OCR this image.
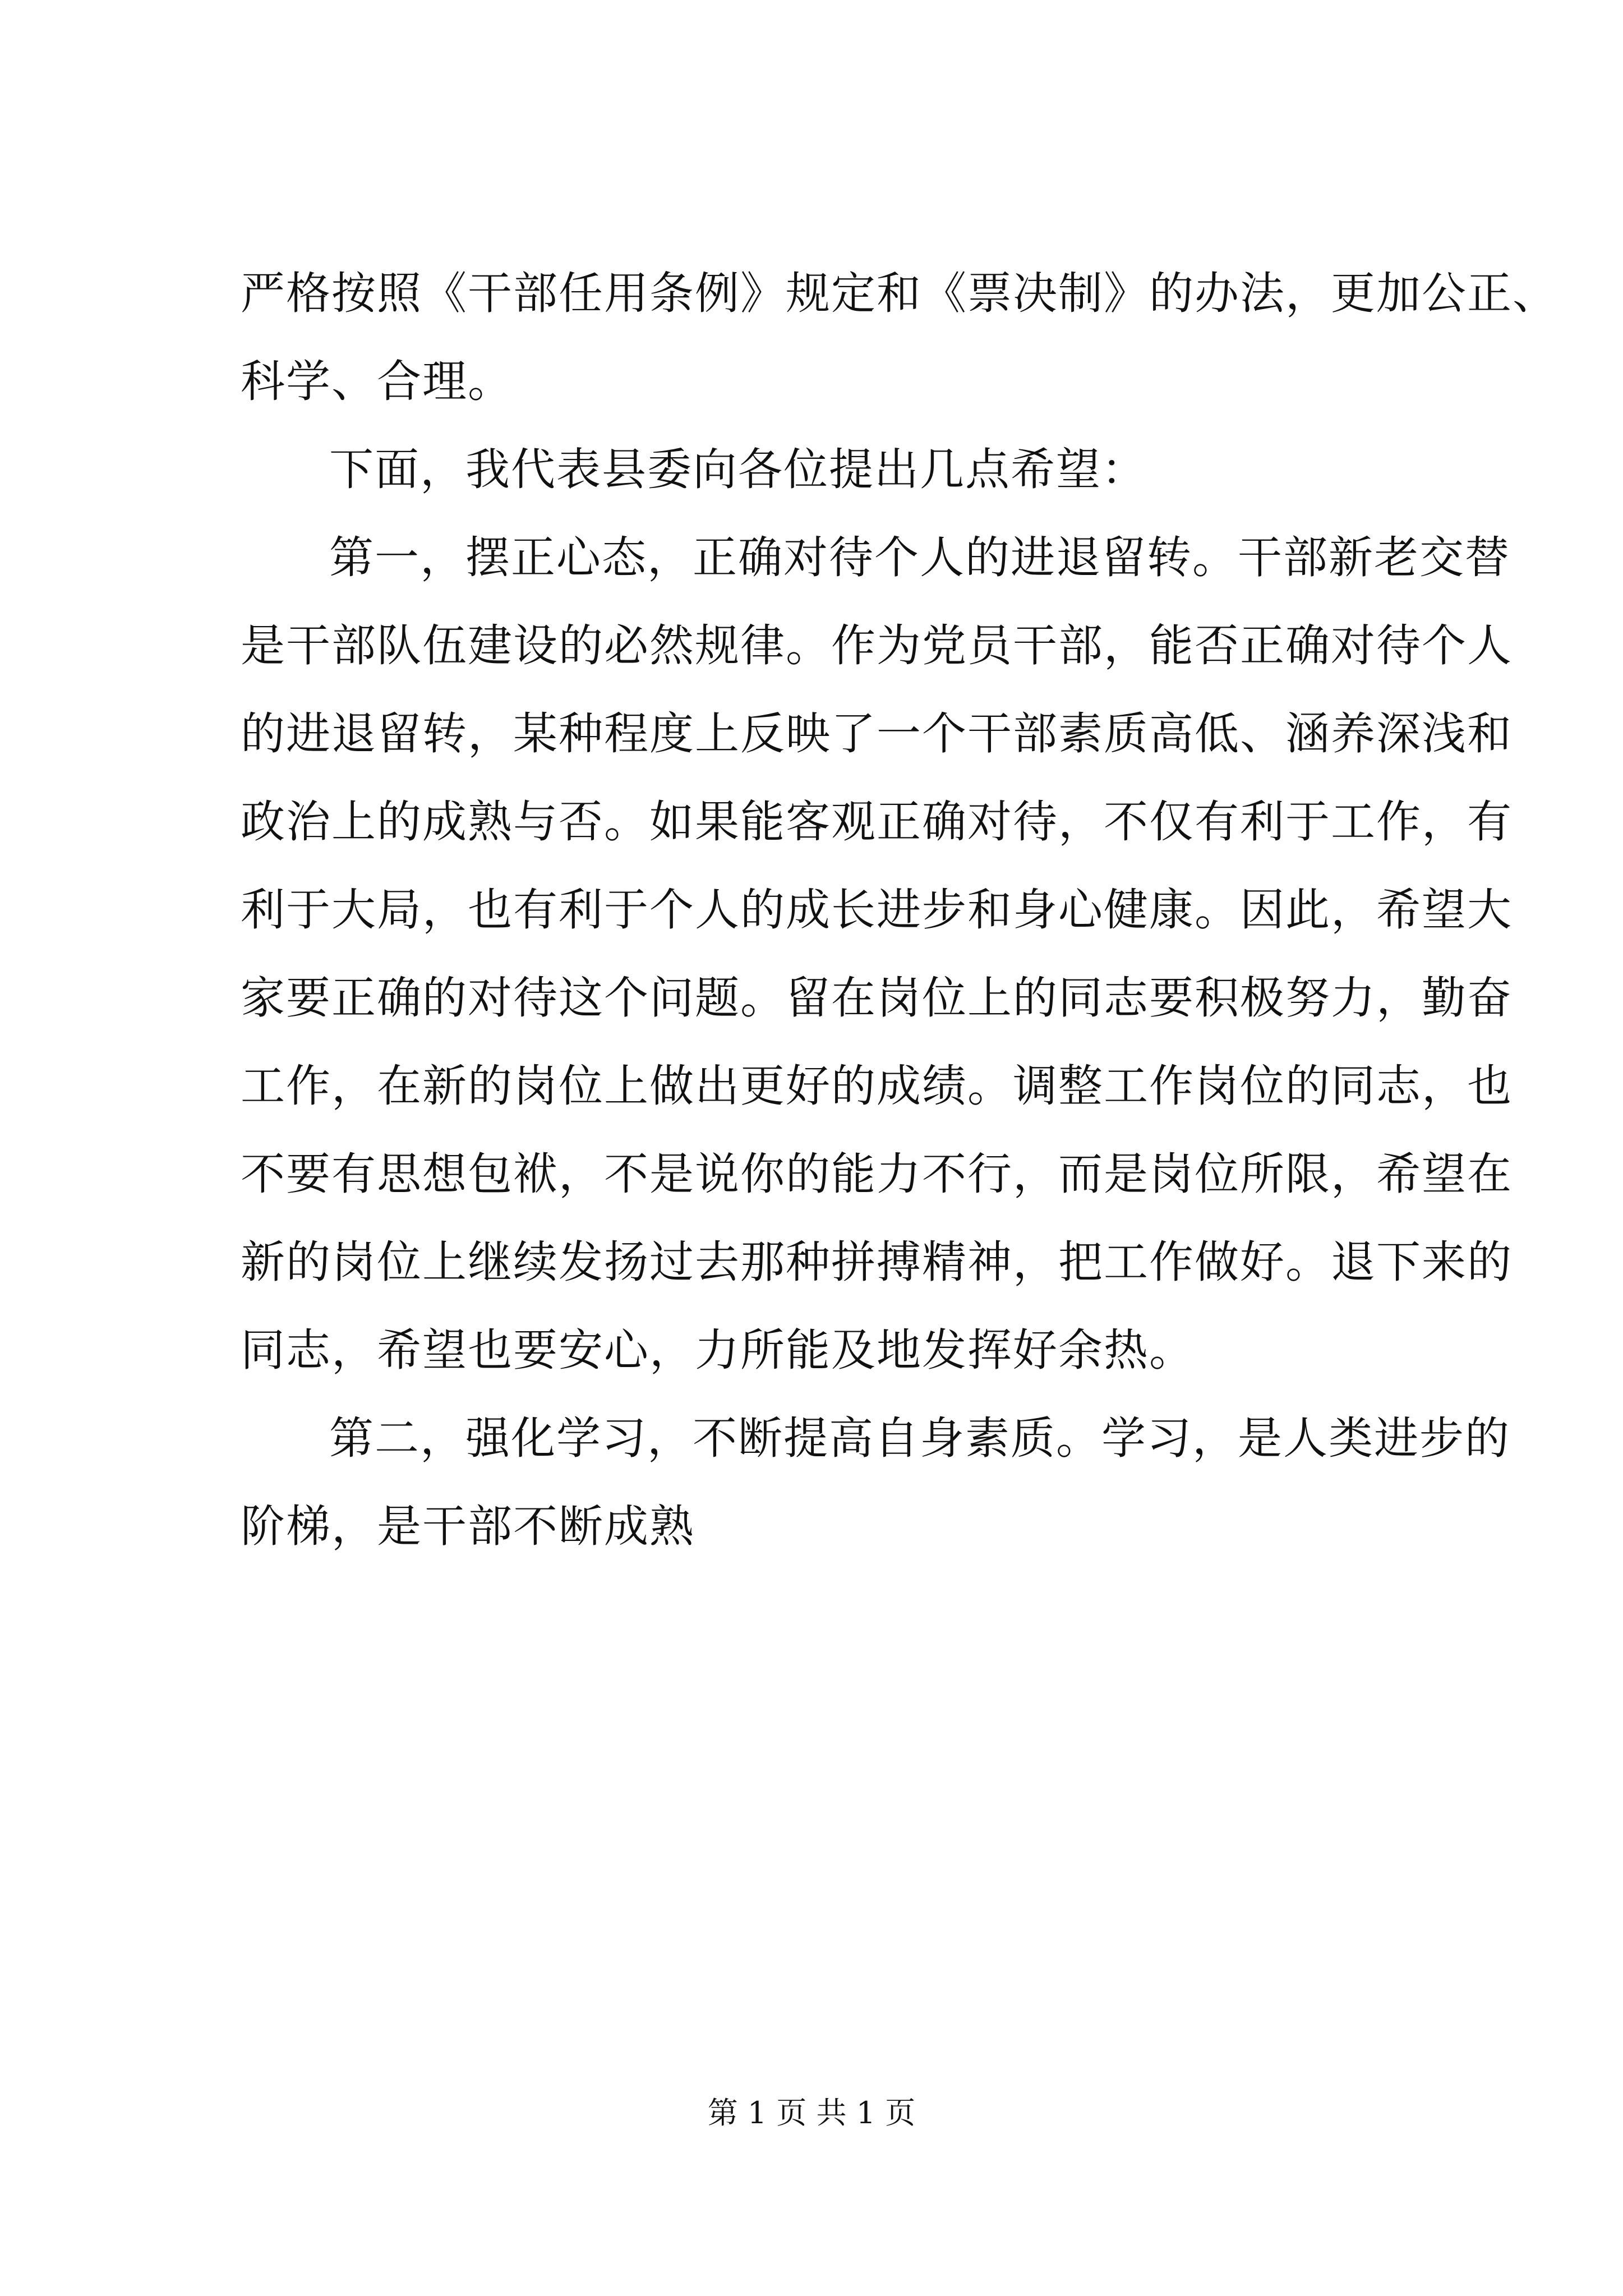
严格按照《干部任用条例》规定和《票决制》的办法，更加公正、
科学、合理。
下面，我代表县委向各位提出几点希望：
第一，摆正心态，正确对待个人的进退留转。干部新老交替
是干部队伍建设的必然规律。作为党员干部，能否正确对待个人
的进退留转，某种程度上反映了一个干部素质高低、涵养深浅和
政治上的成熟与否。如果能客观正确对待，不仅有利于工作，有
利于大局，也有利于个人的成长进步和身心健康。因此，希望大
家要正确的对待这个问题。留在岗位上的同志要积极努力，勤奋
工作，在新的岗位上做出更好的成绩。调整工作岗位的同志，也
不要有思想包袱，不是说你的能力不行，而是岗位所限，希望在
新的岗位上继续发扬过去那种拼搏精神，把工作做好。退下来的
同志，希望也要安心，力所能及地发挥好余热。
第二，强化学习，不断提高自身素质。学习，是人类进步的
阶梯，是干部不断成熟
第 1 页 共 1 页
